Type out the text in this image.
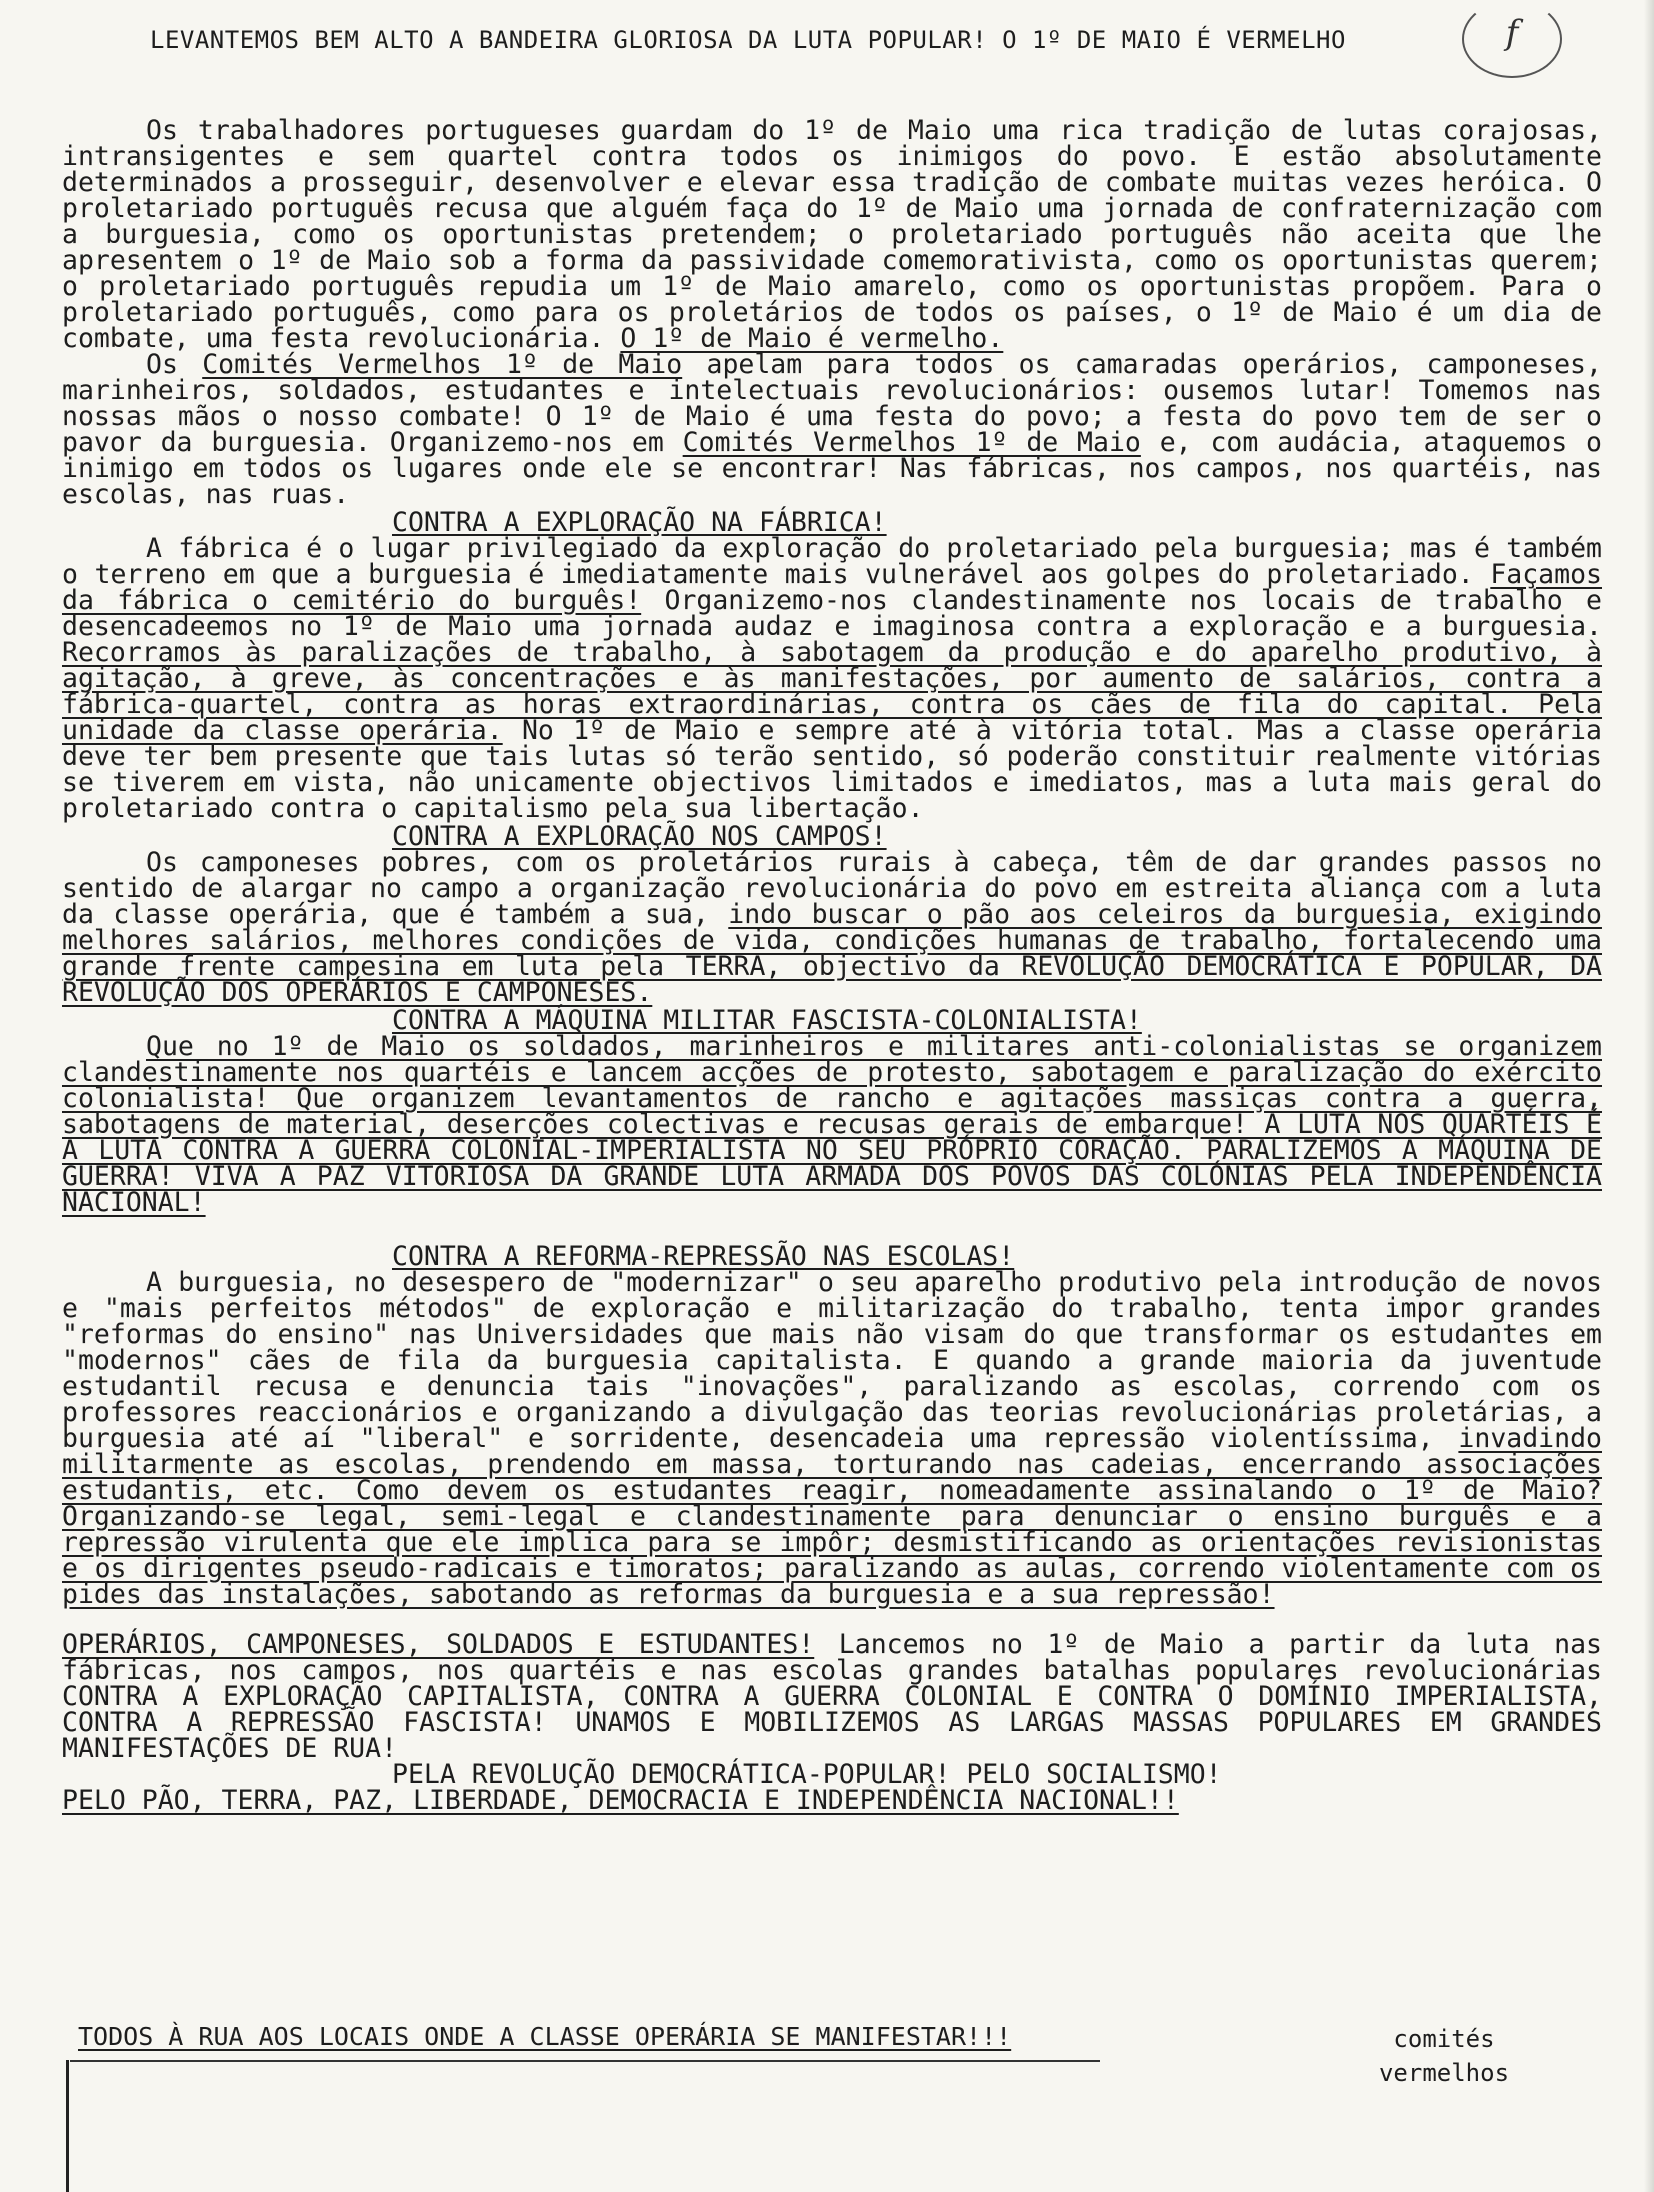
LEVANTEMOS BEM ALTO A BANDEIRA GLORIOSA DA LUTA POPULAR! O 1º DE MAIO É VERMELHO	f

Os trabalhadores portugueses guardam do 1º de Maio uma rica tradição de lutas corajosas, intransigentes e sem quartel contra todos os inimigos do povo. E estão absolutamente determinados a prosseguir, desenvolver e elevar essa tradição de combate muitas vezes heróica. O proletariado português recusa que alguém faça do 1º de Maio uma jornada de confraternização com a burguesia, como os oportunistas pretendem; o proletariado português não aceita que lhe apresentem o 1º de Maio sob a forma da passividade comemorativista, como os oportunistas querem; o proletariado português repudia um 1º de Maio amarelo, como os oportunistas propõem. Para o proletariado português, como para os proletários de todos os países, o 1º de Maio é um dia de combate, uma festa revolucionária. O 1º de Maio é vermelho.

Os Comités Vermelhos 1º de Maio apelam para todos os camaradas operários, camponeses, marinheiros, soldados, estudantes e intelectuais revolucionários: ousemos lutar! Tomemos nas nossas mãos o nosso combate! O 1º de Maio é uma festa do povo; a festa do povo tem de ser o pavor da burguesia. Organizemo-nos em Comités Vermelhos 1º de Maio e, com audácia, ataquemos o inimigo em todos os lugares onde ele se encontrar! Nas fábricas, nos campos, nos quartéis, nas escolas, nas ruas.

CONTRA A EXPLORAÇÃO NA FÁBRICA!

A fábrica é o lugar privilegiado da exploração do proletariado pela burguesia; mas é também o terreno em que a burguesia é imediatamente mais vulnerável aos golpes do proletariado. Façamos da fábrica o cemitério do burguês! Organizemo-nos clandestinamente nos locais de trabalho e desencadeemos no 1º de Maio uma jornada audaz e imaginosa contra a exploração e a burguesia. Recorramos às paralizações de trabalho, à sabotagem da produção e do aparelho produtivo, à agitação, à greve, às concentrações e às manifestações, por aumento de salários, contra a fábrica-quartel, contra as horas extraordinárias, contra os cães de fila do capital. Pela unidade da classe operária. No 1º de Maio e sempre até à vitória total. Mas a classe operária deve ter bem presente que tais lutas só terão sentido, só poderão constituir realmente vitórias se tiverem em vista, não unicamente objectivos limitados e imediatos, mas a luta mais geral do proletariado contra o capitalismo pela sua libertação.

CONTRA A EXPLORAÇÃO NOS CAMPOS!

Os camponeses pobres, com os proletários rurais à cabeça, têm de dar grandes passos no sentido de alargar no campo a organização revolucionária do povo em estreita aliança com a luta da classe operária, que é também a sua, indo buscar o pão aos celeiros da burguesia, exigindo melhores salários, melhores condições de vida, condições humanas de trabalho, fortalecendo uma grande frente campesina em luta pela TERRA, objectivo da REVOLUÇÃO DEMOCRÁTICA E POPULAR, DA REVOLUÇÃO DOS OPERÁRIOS E CAMPONESES.

CONTRA A MÁQUINA MILITAR FASCISTA-COLONIALISTA!

Que no 1º de Maio os soldados, marinheiros e militares anti-colonialistas se organizem clandestinamente nos quartéis e lancem acções de protesto, sabotagem e paralização do exército colonialista! Que organizem levantamentos de rancho e agitações massiças contra a guerra, sabotagens de material, deserções colectivas e recusas gerais de embarque! A LUTA NOS QUARTÉIS É A LUTA CONTRA A GUERRA COLONIAL-IMPERIALISTA NO SEU PRÓPRIO CORAÇÃO. PARALIZEMOS A MÁQUINA DE GUERRA! VIVA A PAZ VITORIOSA DA GRANDE LUTA ARMADA DOS POVOS DAS COLÓNIAS PELA INDEPENDÊNCIA NACIONAL!

CONTRA A REFORMA-REPRESSÃO NAS ESCOLAS!

A burguesia, no desespero de "modernizar" o seu aparelho produtivo pela introdução de novos e "mais perfeitos métodos" de exploração e militarização do trabalho, tenta impor grandes "reformas do ensino" nas Universidades que mais não visam do que transformar os estudantes em "modernos" cães de fila da burguesia capitalista. E quando a grande maioria da juventude estudantil recusa e denuncia tais "inovações", paralizando as escolas, correndo com os professores reaccionários e organizando a divulgação das teorias revolucionárias proletárias, a burguesia até aí "liberal" e sorridente, desencadeia uma repressão violentíssima, invadindo militarmente as escolas, prendendo em massa, torturando nas cadeias, encerrando associações estudantis, etc. Como devem os estudantes reagir, nomeadamente assinalando o 1º de Maio? Organizando-se legal, semi-legal e clandestinamente para denunciar o ensino burguês e a repressão virulenta que ele implica para se impôr; desmistificando as orientações revisionistas e os dirigentes pseudo-radicais e timoratos; paralizando as aulas, correndo violentamente com os pides das instalações, sabotando as reformas da burguesia e a sua repressão!

OPERÁRIOS, CAMPONESES, SOLDADOS E ESTUDANTES! Lancemos no 1º de Maio a partir da luta nas fábricas, nos campos, nos quartéis e nas escolas grandes batalhas populares revolucionárias CONTRA A EXPLORAÇÃO CAPITALISTA, CONTRA A GUERRA COLONIAL E CONTRA O DOMÍNIO IMPERIALISTA, CONTRA A REPRESSÃO FASCISTA! UNAMOS E MOBILIZEMOS AS LARGAS MASSAS POPULARES EM GRANDES MANIFESTAÇÕES DE RUA!

PELA REVOLUÇÃO DEMOCRÁTICA-POPULAR! PELO SOCIALISMO!
PELO PÃO, TERRA, PAZ, LIBERDADE, DEMOCRACIA E INDEPENDÊNCIA NACIONAL!!
TODOS À RUA AOS LOCAIS ONDE A CLASSE OPERÁRIA SE MANIFESTAR!!!	comités
vermelhos
